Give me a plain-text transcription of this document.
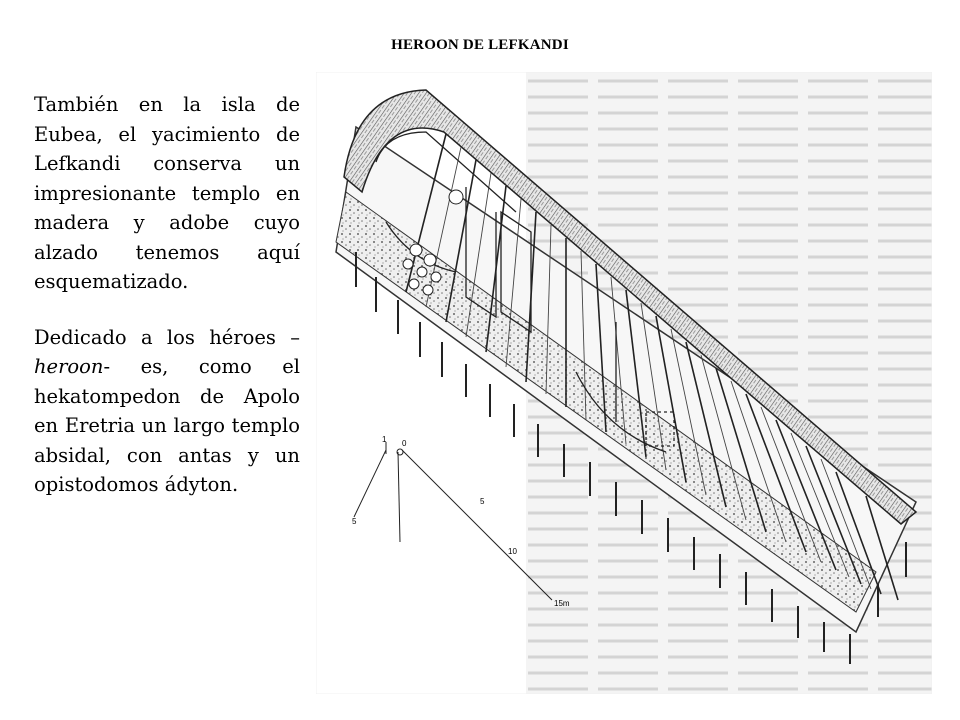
HEROON DE LEFKANDI

También en la isla de Eubea, el yacimiento de Lefkandi conserva un impresionante templo en madera y adobe cuyo alzado tenemos aquí esquematizado.

Dedicado a los héroes – heroon- es, como el hekatompedon de Apolo en Eretria un largo templo absidal, con antas y un opistodomos ádyton.

1 0
5
5
10
15m
